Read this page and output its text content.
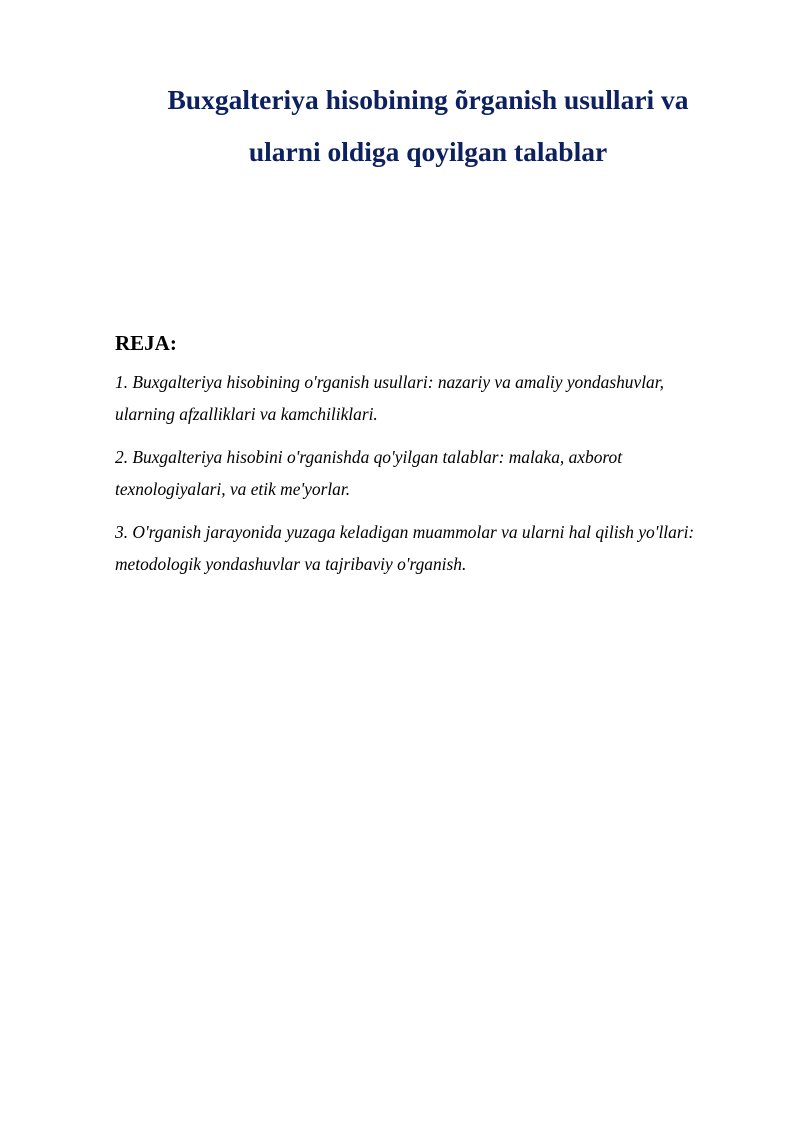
Buxgalteriya hisobining õrganish usullari va
ularni oldiga qoyilgan talablar
REJA:
1. Buxgalteriya hisobining o'rganish usullari: nazariy va amaliy yondashuvlar,
ularning afzalliklari va kamchiliklari.
2. Buxgalteriya hisobini o'rganishda qo'yilgan talablar: malaka, axborot
texnologiyalari, va etik me'yorlar.
3. O'rganish jarayonida yuzaga keladigan muammolar va ularni hal qilish yo'llari:
metodologik yondashuvlar va tajribaviy o'rganish.
